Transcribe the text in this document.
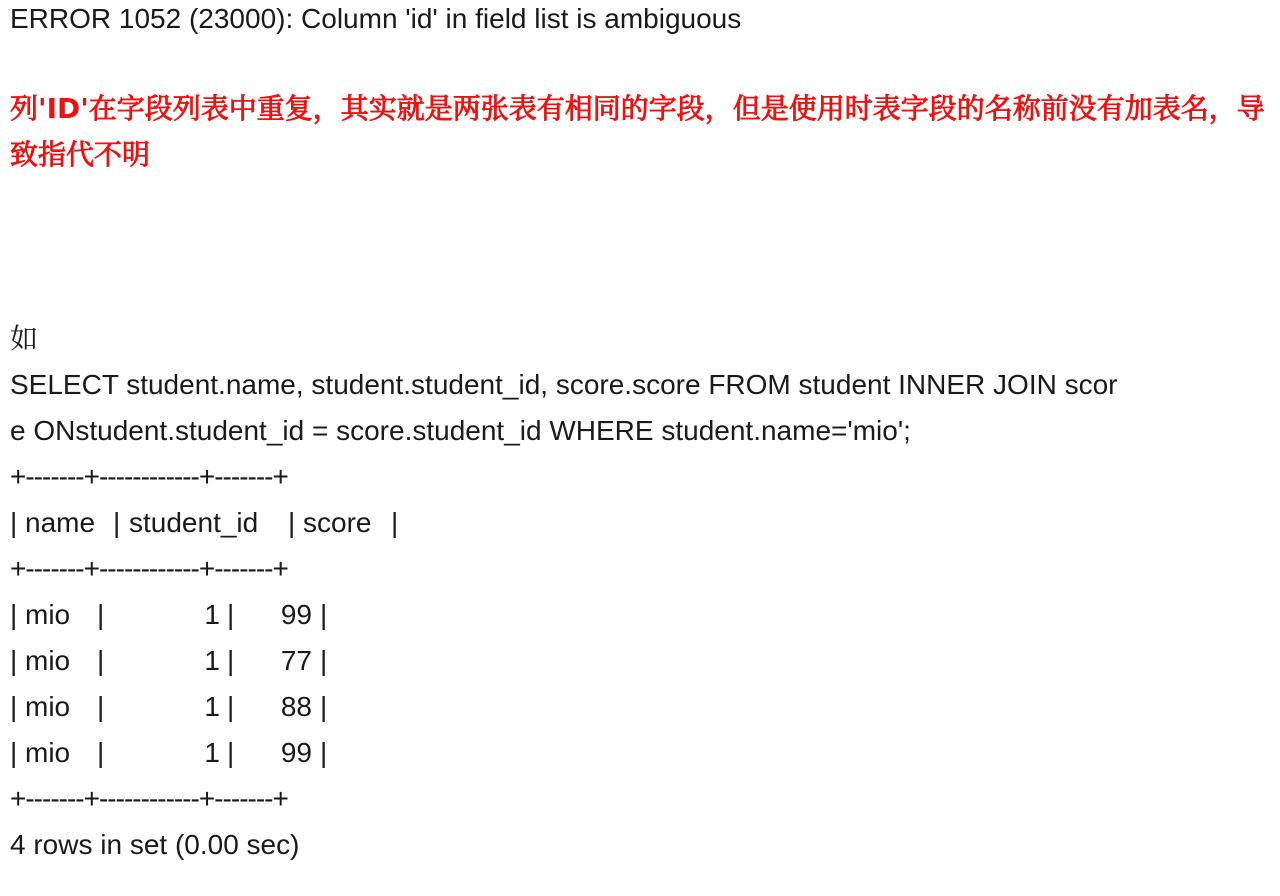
ERROR 1052 (23000): Column 'id' in field list is ambiguous
列'ID'在字段列表中重复，其实就是两张表有相同的字段，但是使用时表字段的名称前没有加表名，导致指代不明
如
SELECT student.name, student.student_id, score.score FROM student INNER JOIN scor
e ONstudent.student_id = score.student_id WHERE student.name='mio';
+-------+------------+-------+
| name | student_id | score |
+-------+------------+-------+
| mio |	1 |	99 |
| mio |	1 |	77 |
| mio |	1 |	88 |
| mio |	1 |	99 |
+-------+------------+-------+
4 rows in set (0.00 sec)
